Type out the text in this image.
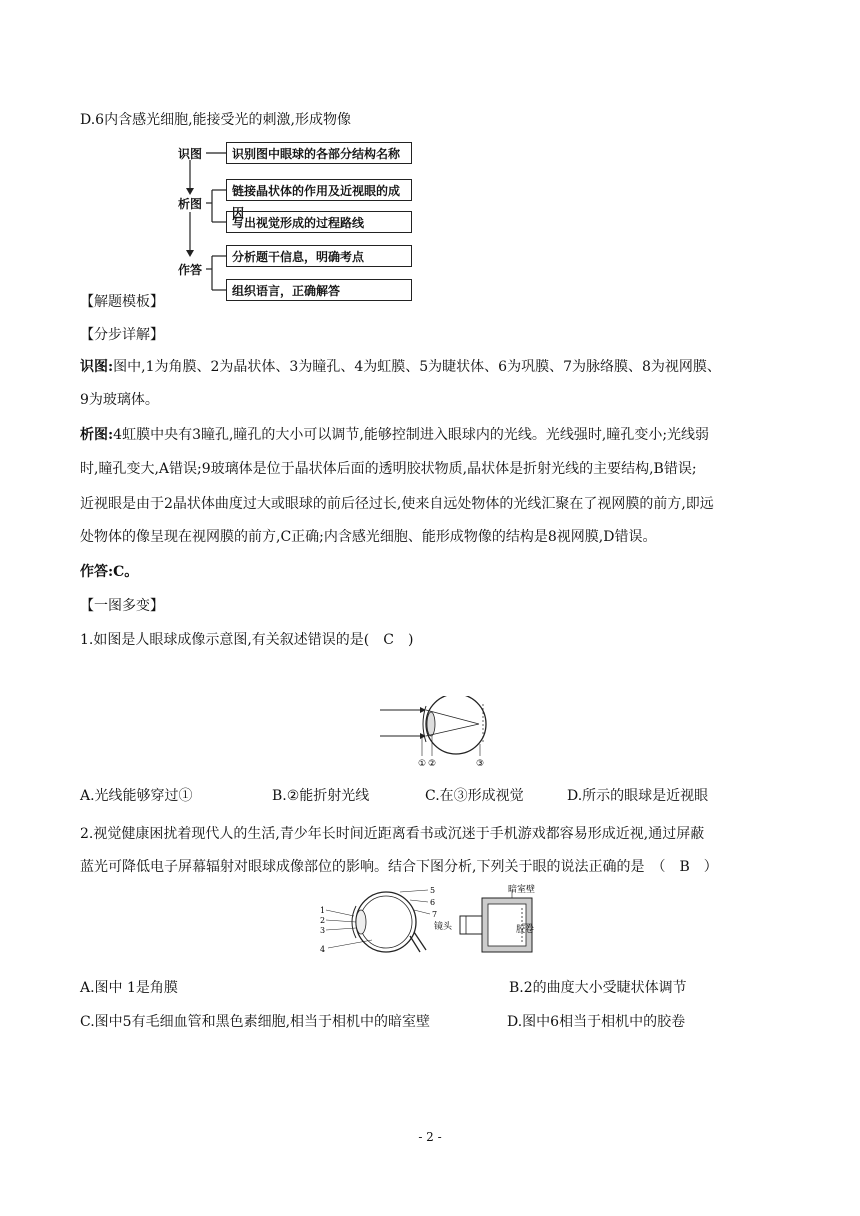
D.6内含感光细胞,能接受光的刺激,形成物像
识图
析图
作答
识别图中眼球的各部分结构名称
链接晶状体的作用及近视眼的成因
写出视觉形成的过程路线
分析题干信息，明确考点
组织语言，正确解答
【解题模板】
【分步详解】
识图:图中,1为角膜、2为晶状体、3为瞳孔、4为虹膜、5为睫状体、6为巩膜、7为脉络膜、8为视网膜、
9为玻璃体。
析图:4虹膜中央有3瞳孔,瞳孔的大小可以调节,能够控制进入眼球内的光线。光线强时,瞳孔变小;光线弱
时,瞳孔变大,A错误;9玻璃体是位于晶状体后面的透明胶状物质,晶状体是折射光线的主要结构,B错误;
近视眼是由于2晶状体曲度过大或眼球的前后径过长,使来自远处物体的光线汇聚在了视网膜的前方,即远
处物体的像呈现在视网膜的前方,C正确;内含感光细胞、能形成物像的结构是8视网膜,D错误。
作答:C。
【一图多变】
1.如图是人眼球成像示意图,有关叙述错误的是(　C　)
① ②	③
A.光线能够穿过①	B.②能折射光线	C.在③形成视觉	D.所示的眼球是近视眼
2.视觉健康困扰着现代人的生活,青少年长时间近距离看书或沉迷于手机游戏都容易形成近视,通过屏蔽
蓝光可降低电子屏幕辐射对眼球成像部位的影响。结合下图分析,下列关于眼的说法正确的是　（　B　）
1
2
3
4
5
6
7
暗室壁
镜头	胶卷
A.图中 1是角膜	B.2的曲度大小受睫状体调节
C.图中5有毛细血管和黑色素细胞,相当于相机中的暗室壁	D.图中6相当于相机中的胶卷
- 2 -
